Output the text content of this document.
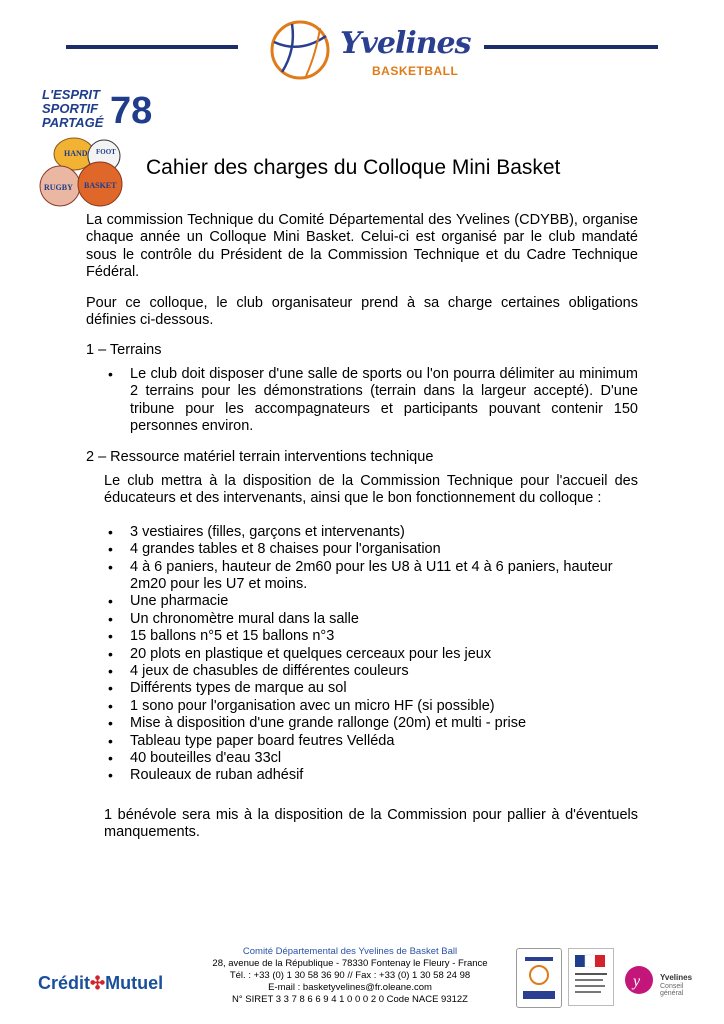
Yvelines
BASKETBALL
L'ESPRIT
SPORTIF
PARTAGÉ 78
HAND FOOT
RUGBY BASKET
Cahier des charges du Colloque Mini Basket

La commission Technique du Comité Départemental des Yvelines (CDYBB), organise chaque année un Colloque Mini Basket. Celui-ci est organisé par le club mandaté sous le contrôle du Président de la Commission Technique et du Cadre Technique Fédéral.

Pour ce colloque, le club organisateur prend à sa charge certaines obligations définies ci-dessous.

1 – Terrains

• Le club doit disposer d'une salle de sports ou l'on pourra délimiter au minimum 2 terrains pour les démonstrations (terrain dans la largeur accepté). D'une tribune pour les accompagnateurs et participants pouvant contenir 150 personnes environ.

2 – Ressource matériel terrain interventions technique

Le club mettra à la disposition de la Commission Technique pour l'accueil des éducateurs et des intervenants, ainsi que le bon fonctionnement du colloque :

• 3 vestiaires (filles, garçons et intervenants)
• 4 grandes tables et 8 chaises pour l'organisation
• 4 à 6 paniers, hauteur de 2m60 pour les U8 à U11 et 4 à 6 paniers, hauteur 2m20 pour les U7 et moins.
• Une pharmacie
• Un chronomètre mural dans la salle
• 15 ballons n°5 et 15 ballons n°3
• 20 plots en plastique et quelques cerceaux pour les jeux
• 4 jeux de chasubles de différentes couleurs
• Différents types de marque au sol
• 1 sono pour l'organisation avec un micro HF (si possible)
• Mise à disposition d'une grande rallonge (20m) et multi - prise
• Tableau type paper board feutres Velléda
• 40 bouteilles d'eau 33cl
• Rouleaux de ruban adhésif

1 bénévole sera mis à la disposition de la Commission pour pallier à d'éventuels manquements.

Crédit✣Mutuel
Comité Départemental des Yvelines de Basket Ball
28, avenue de la République - 78330 Fontenay le Fleury - France
Tél. : +33 (0) 1 30 58 36 90 // Fax : +33 (0) 1 30 58 24 98
E-mail : basketyvelines@fr.oleane.com
N° SIRET 3 3 7 8 6 6 9 4 1 0 0 0 2 0 Code NACE 9312Z
y Yvelines
Conseil général
